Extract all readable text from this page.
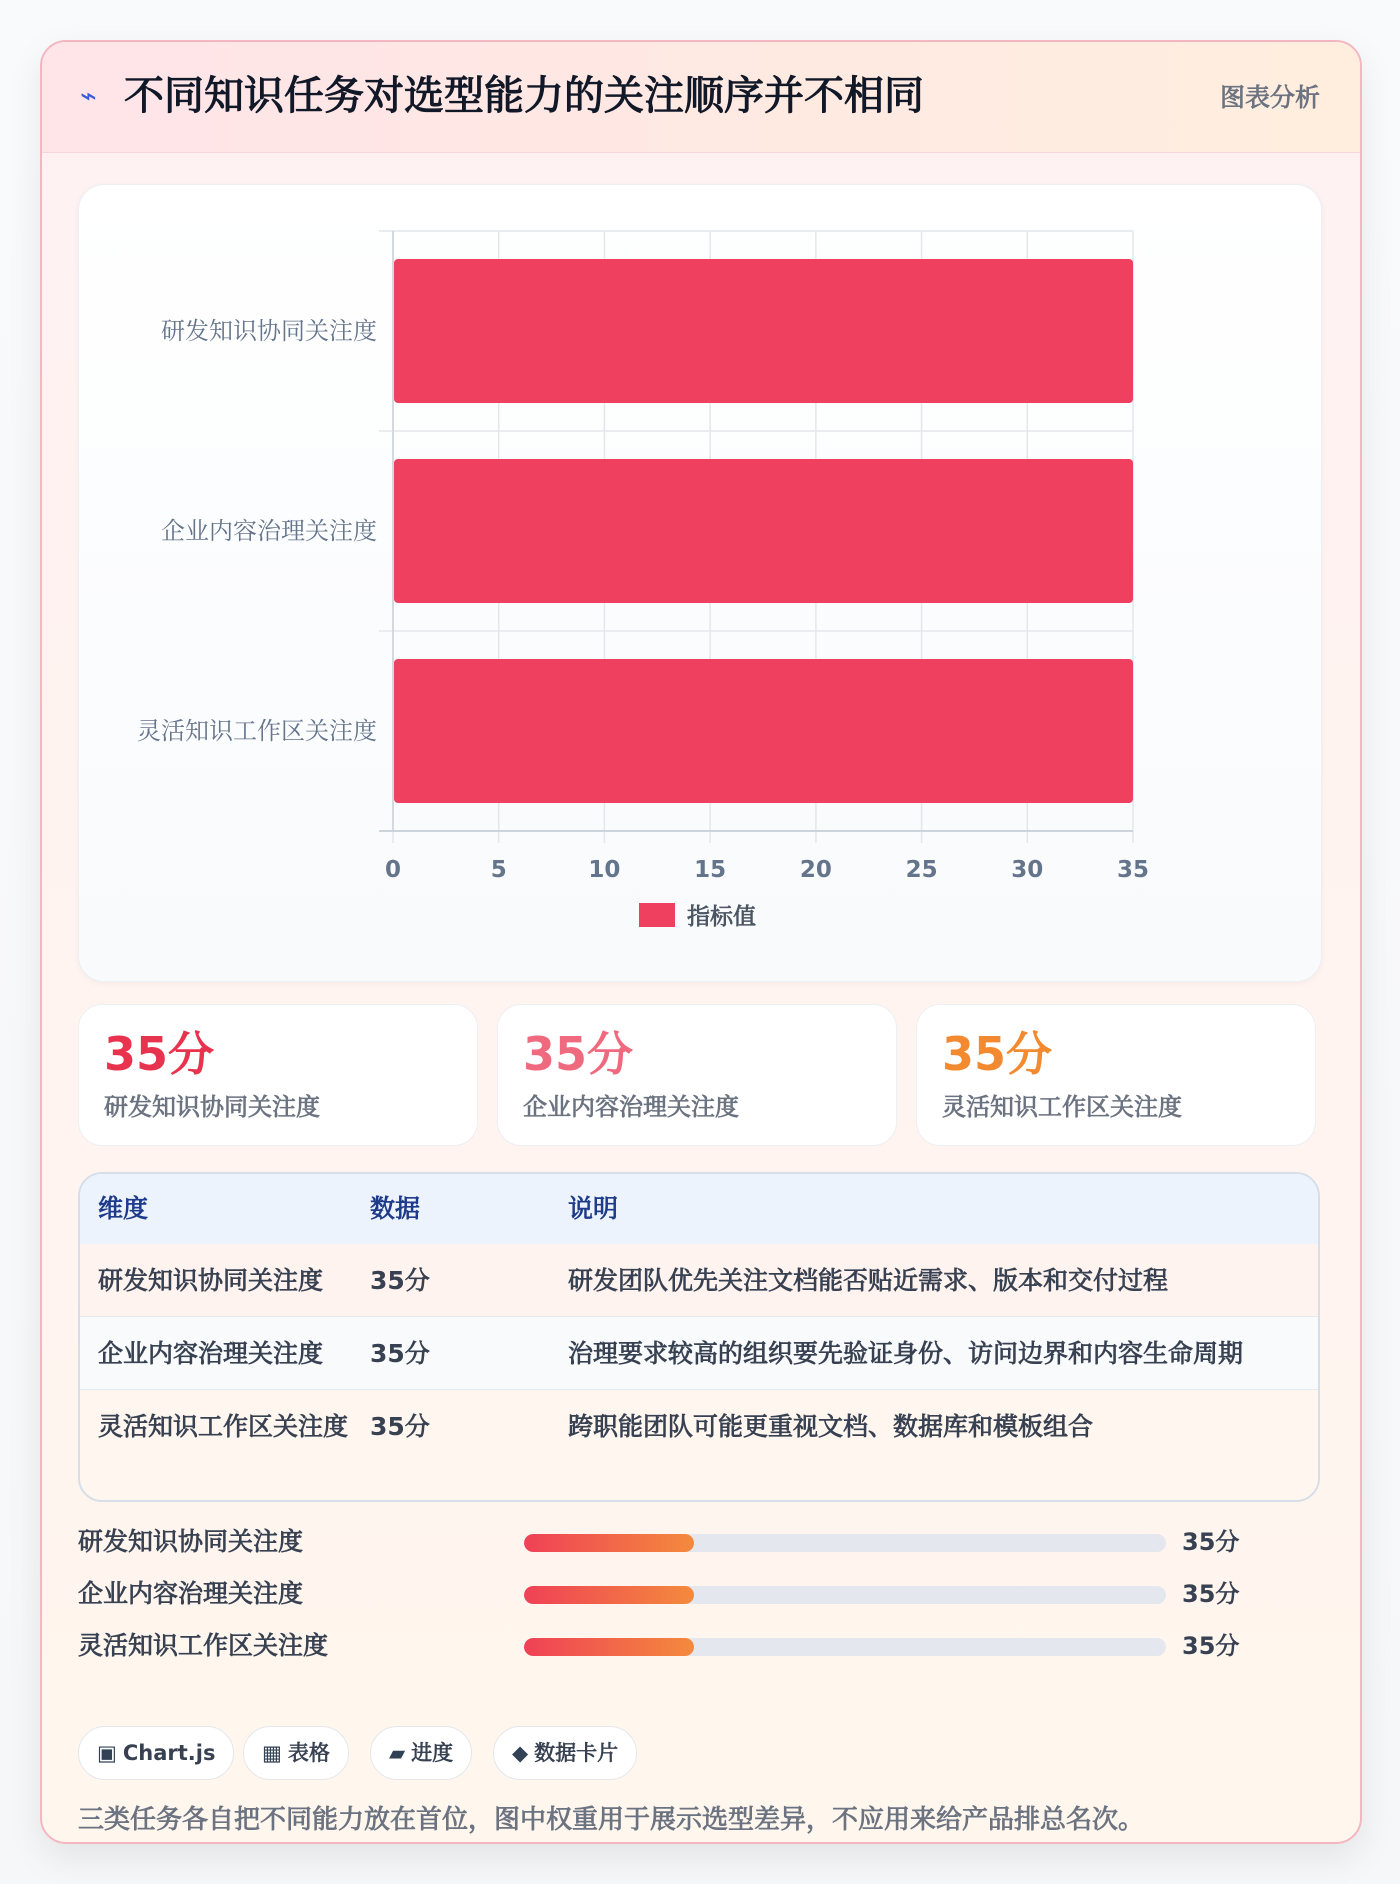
⌁ 不同知识任务对选型能力的关注顺序并不相同	图表分析
0	5	10	15	20	25	30	35
研发知识协同关注度
企业内容治理关注度
灵活知识工作区关注度
指标值
35分
研发知识协同关注度
35分
企业内容治理关注度
35分
灵活知识工作区关注度
维度	数据	说明
研发知识协同关注度	35分	研发团队优先关注文档能否贴近需求、版本和交付过程
企业内容治理关注度	35分	治理要求较高的组织要先验证身份、访问边界和内容生命周期
灵活知识工作区关注度 35分	跨职能团队可能更重视文档、数据库和模板组合
研发知识协同关注度	35分
企业内容治理关注度	35分
灵活知识工作区关注度	35分
▣ Chart.js	▦ 表格	▰ 进度	◆ 数据卡片
三类任务各自把不同能力放在首位，图中权重用于展示选型差异，不应用来给产品排总名次。
